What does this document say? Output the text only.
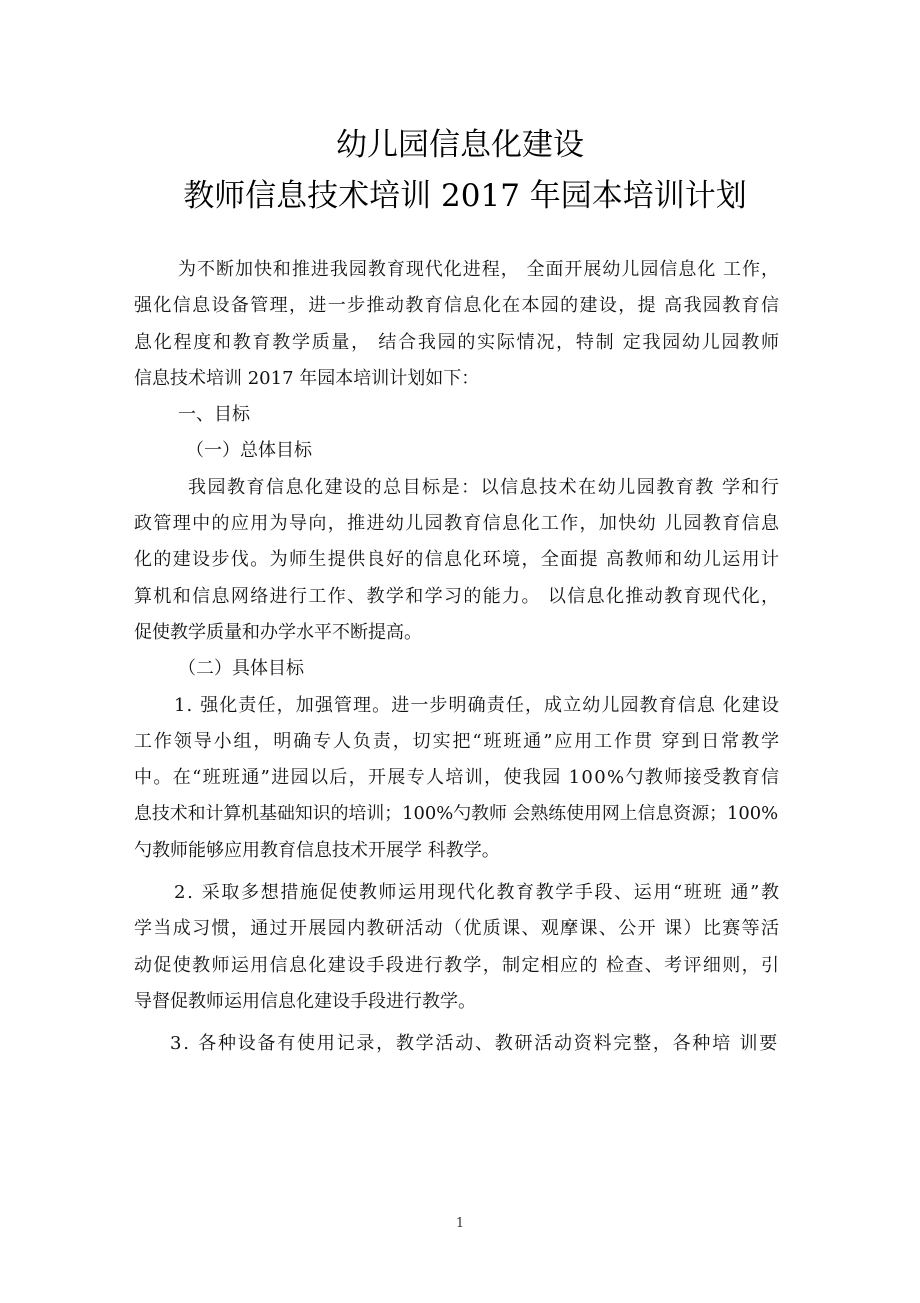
幼儿园信息化建设
教师信息技术培训 2017 年园本培训计划
为不断加快和推进我园教育现代化进程， 全面开展幼儿园信息化 工作，
强化信息设备管理，进一步推动教育信息化在本园的建设，提 高我园教育信
息化程度和教育教学质量， 结合我园的实际情况，特制 定我园幼儿园教师
信息技术培训 2017 年园本培训计划如下：
一、目标
（一）总体目标
我园教育信息化建设的总目标是：以信息技术在幼儿园教育教 学和行
政管理中的应用为导向，推进幼儿园教育信息化工作，加快幼 儿园教育信息
化的建设步伐。为师生提供良好的信息化环境，全面提 高教师和幼儿运用计
算机和信息网络进行工作、教学和学习的能力。 以信息化推动教育现代化，
促使教学质量和办学水平不断提高。
（二）具体目标
1. 强化责任，加强管理。进一步明确责任，成立幼儿园教育信息 化建设
工作领导小组，明确专人负责，切实把“班班通”应用工作贯 穿到日常教学
中。在“班班通”进园以后，开展专人培训，使我园 100%勺教师接受教育信
息技术和计算机基础知识的培训；100%勺教师 会熟练使用网上信息资源；100%
勺教师能够应用教育信息技术开展学 科教学。
2. 采取多想措施促使教师运用现代化教育教学手段、运用“班班 通”教
学当成习惯，通过开展园内教研活动（优质课、观摩课、公开 课）比赛等活
动促使教师运用信息化建设手段进行教学，制定相应的 检查、考评细则，引
导督促教师运用信息化建设手段进行教学。
3. 各种设备有使用记录，教学活动、教研活动资料完整，各种培 训要
1
